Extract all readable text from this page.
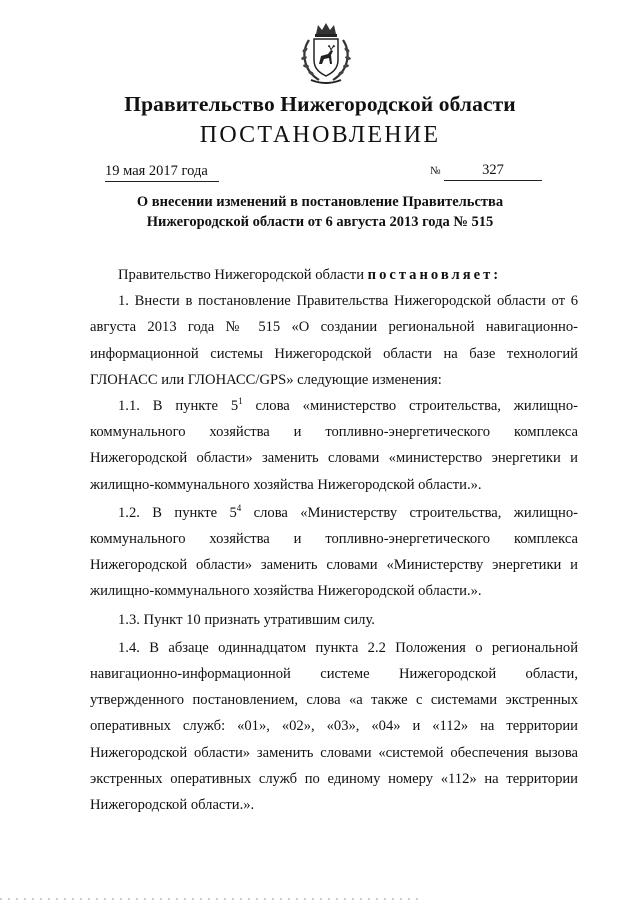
Правительство Нижегородской области
ПОСТАНОВЛЕНИЕ
19 мая 2017 года	№	327
О внесении изменений в постановление Правительства
Нижегородской области от 6 августа 2013 года № 515

Правительство Нижегородской области постановляет:

1. Внести в постановление Правительства Нижегородской области от 6 августа 2013 года № 515 «О создании региональной навигационно-информационной системы Нижегородской области на базе технологий ГЛОНАСС или ГЛОНАСС/GPS» следующие изменения:

1.1. В пункте $5^1$ слова «министерство строительства, жилищно-коммунального хозяйства и топливно-энергетического комплекса Нижегородской области» заменить словами «министерство энергетики и жилищно-коммунального хозяйства Нижегородской области.».

1.2. В пункте $5^4$ слова «Министерству строительства, жилищно-коммунального хозяйства и топливно-энергетического комплекса Нижегородской области» заменить словами «Министерству энергетики и жилищно-коммунального хозяйства Нижегородской области.».

1.3. Пункт 10 признать утратившим силу.

1.4. В абзаце одиннадцатом пункта 2.2 Положения о региональной навигационно-информационной системе Нижегородской области, утвержденного постановлением, слова «а также с системами экстренных оперативных служб: «01», «02», «03», «04» и «112» на территории Нижегородской области» заменить словами «системой обеспечения вызова экстренных оперативных служб по единому номеру «112» на территории Нижегородской области.».
